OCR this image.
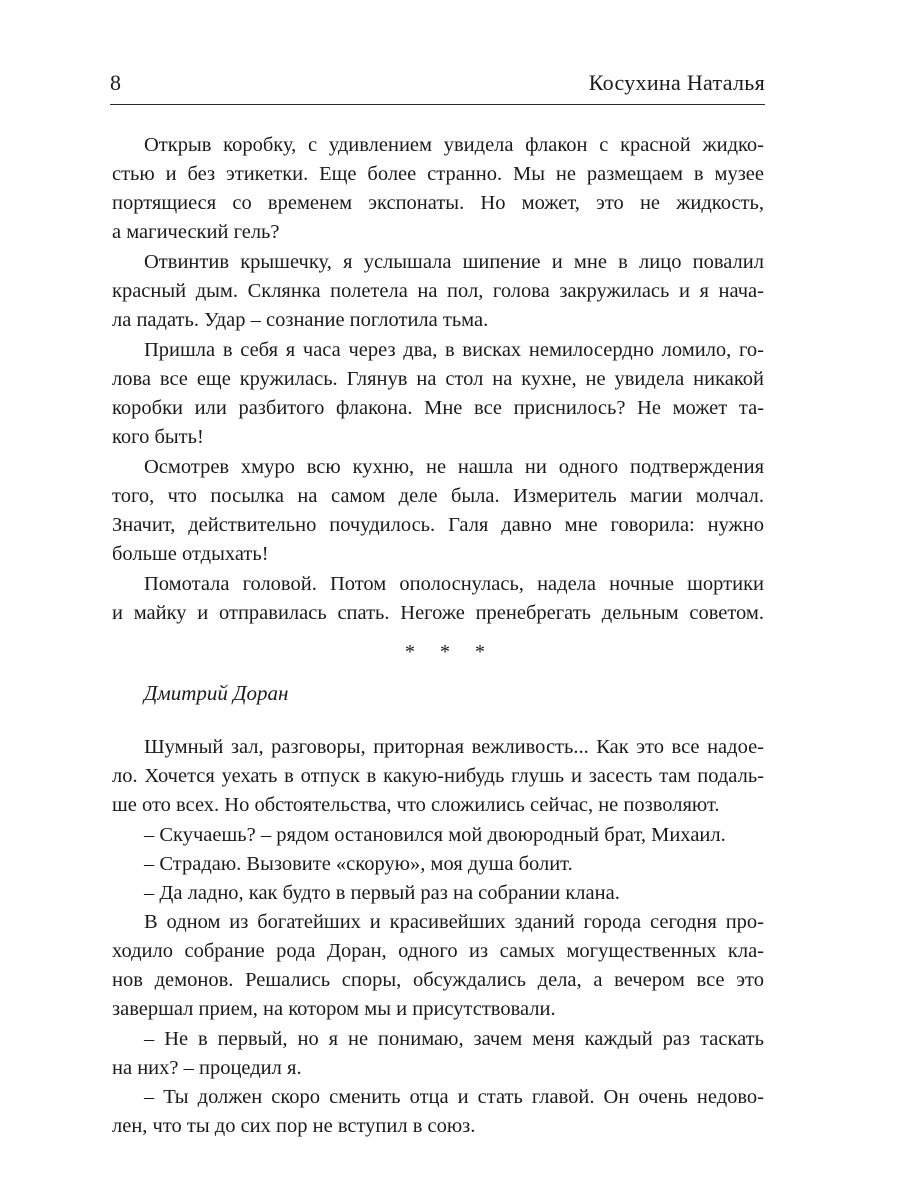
8	Косухина Наталья
Открыв коробку, с удивлением увидела флакон с красной жидко-
стью и без этикетки. Еще более странно. Мы не размещаем в музее
портящиеся со временем экспонаты. Но может, это не жидкость,
а магический гель?
Отвинтив крышечку, я услышала шипение и мне в лицо повалил
красный дым. Склянка полетела на пол, голова закружилась и я нача-
ла падать. Удар – сознание поглотила тьма.
Пришла в себя я часа через два, в висках немилосердно ломило, го-
лова все еще кружилась. Глянув на стол на кухне, не увидела никакой
коробки или разбитого флакона. Мне все приснилось? Не может та-
кого быть!
Осмотрев хмуро всю кухню, не нашла ни одного подтверждения
того, что посылка на самом деле была. Измеритель магии молчал.
Значит, действительно почудилось. Галя давно мне говорила: нужно
больше отдыхать!
Помотала головой. Потом ополоснулась, надела ночные шортики
и майку и отправилась спать. Негоже пренебрегать дельным советом.
* * *
Дмитрий Доран
Шумный зал, разговоры, приторная вежливость... Как это все надое-
ло. Хочется уехать в отпуск в какую-нибудь глушь и засесть там подаль-
ше ото всех. Но обстоятельства, что сложились сейчас, не позволяют.
– Скучаешь? – рядом остановился мой двоюродный брат, Михаил.
– Страдаю. Вызовите «скорую», моя душа болит.
– Да ладно, как будто в первый раз на собрании клана.
В одном из богатейших и красивейших зданий города сегодня про-
ходило собрание рода Доран, одного из самых могущественных кла-
нов демонов. Решались споры, обсуждались дела, а вечером все это
завершал прием, на котором мы и присутствовали.
– Не в первый, но я не понимаю, зачем меня каждый раз таскать
на них? – процедил я.
– Ты должен скоро сменить отца и стать главой. Он очень недово-
лен, что ты до сих пор не вступил в союз.
